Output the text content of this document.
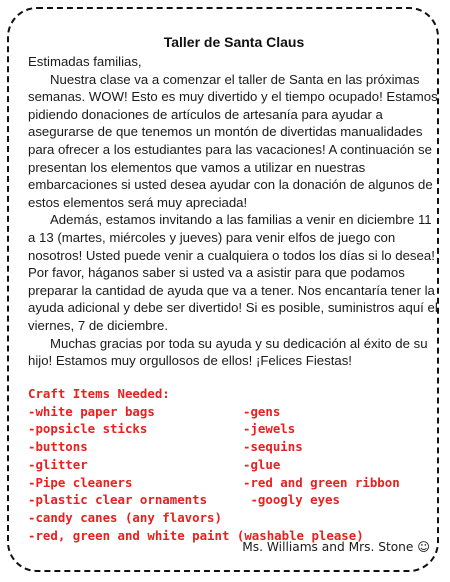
Taller de Santa Claus

Estimadas familias,

Nuestra clase va a comenzar el taller de Santa en las próximas semanas. WOW! Esto es muy divertido y el tiempo ocupado! Estamos pidiendo donaciones de artículos de artesanía para ayudar a asegurarse de que tenemos un montón de divertidas manualidades para ofrecer a los estudiantes para las vacaciones! A continuación se presentan los elementos que vamos a utilizar en nuestras embarcaciones si usted desea ayudar con la donación de algunos de estos elementos será muy apreciada!

Además, estamos invitando a las familias a venir en diciembre 11 a 13 (martes, miércoles y jueves) para venir elfos de juego con nosotros! Usted puede venir a cualquiera o todos los días si lo desea! Por favor, háganos saber si usted va a asistir para que podamos preparar la cantidad de ayuda que va a tener. Nos encantaría tener la ayuda adicional y debe ser divertido! Si es posible, suministros aquí el viernes, 7 de diciembre.

Muchas gracias por toda su ayuda y su dedicación al éxito de su hijo! Estamos muy orgullosos de ellos! ¡Felices Fiestas!

Craft Items Needed:
-white paper bags	-gens
-popsicle sticks	-jewels
-buttons	-sequins
-glitter	-glue
-Pipe cleaners	-red and green ribbon
-plastic clear ornaments	-googly eyes
-candy canes (any flavors)
-red, green and white paint (washable please)
Ms. Williams and Mrs. Stone ☺
